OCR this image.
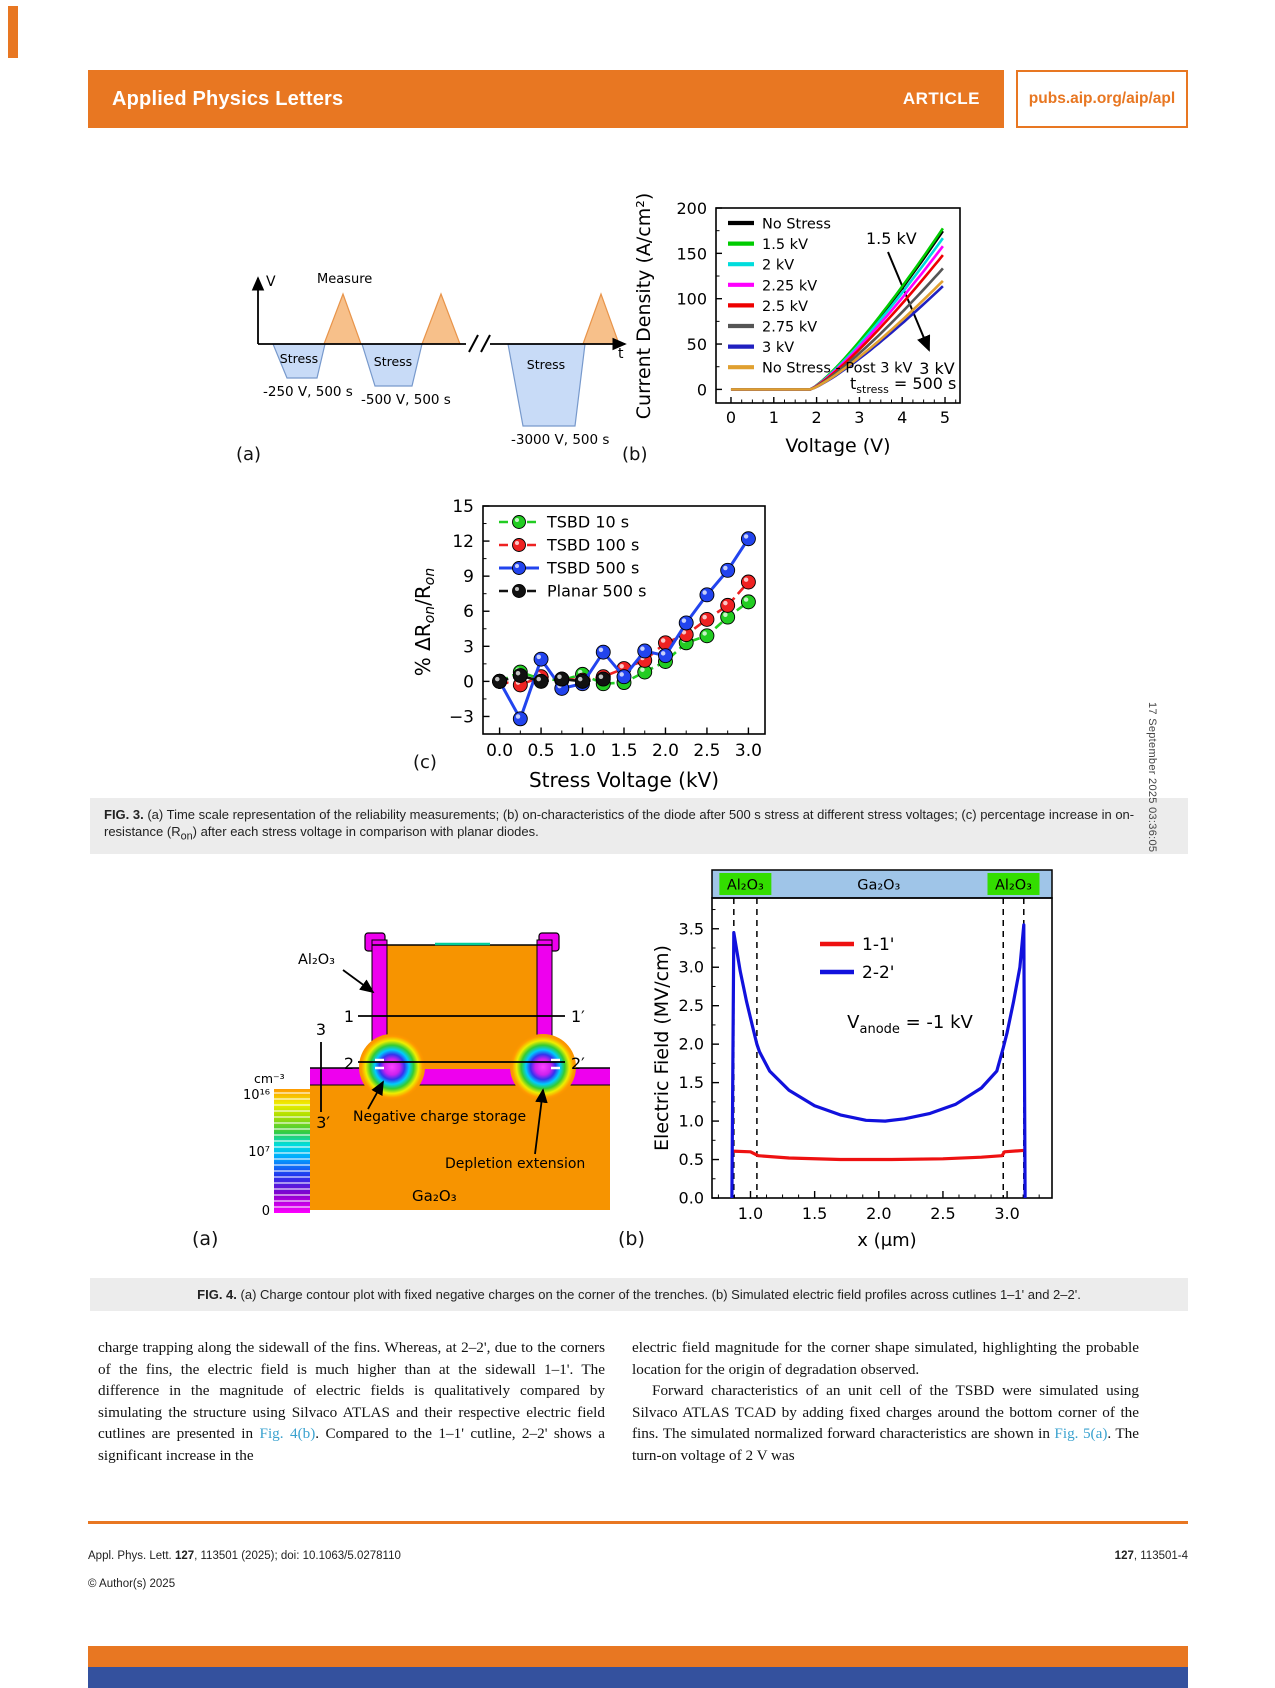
Applied Physics Letters	ARTICLE	pubs.aip.org/aip/apl
V
t
Measure
Stress	Stress	Stress
-250 V, 500 s -500 V, 500 s
-3000 V, 500 s
Current Density (A/cm²)
Voltage (V)
1.5 kV
3 kV
$t_{stress} = 500$ s
0 1 2 3 4 5
0
50
100
150
200
No Stress
1.5 kV
2 kV
2.25 kV
2.5 kV
2.75 kV
3 kV
No Stress - Post 3 kV
(b)
(a)
% $\Delta R_{on}/R_{on}$
Stress Voltage (kV)
0.0 0.5 1.0 1.5 2.0 2.5 3.0
−3
0
3
6
9
12
15
TSBD 10 s
TSBD 100 s
TSBD 500 s
Planar 500 s
(c)
FIG. 3. (a) Time scale representation of the reliability measurements; (b) on-characteristics of the diode after 500 s stress at different stress voltages; (c) percentage increase in on-resistance $(R_{on})$ after each stress voltage in comparison with planar diodes.
1	1′
2	2′
3
3′
Al₂O₃
Negative charge storage
Depletion extension
Ga₂O₃
cm⁻³
10¹⁶
10⁷
0
(a)
Electric Field (MV/cm)
x (μm)
$V_{anode} = -1$ kV
Al₂O₃	Ga₂O₃	Al₂O₃
1.0 1.5 2.0 2.5 3.0
0.0
0.5
1.0
1.5
2.0
2.5
3.0
3.5
1-1'
2-2'
(b)
FIG. 4. (a) Charge contour plot with fixed negative charges on the corner of the trenches. (b) Simulated electric field profiles across cutlines 1–1' and 2–2'.

charge trapping along the sidewall of the fins. Whereas, at 2–2', due to the corners of the fins, the electric field is much higher than at the sidewall 1–1'. The difference in the magnitude of electric fields is qualitatively compared by simulating the structure using Silvaco ATLAS and their respective electric field cutlines are presented in Fig. 4(b). Compared to the 1–1' cutline, 2–2' shows a significant increase in the

electric field magnitude for the corner shape simulated, highlighting the probable location for the origin of degradation observed.

Forward characteristics of an unit cell of the TSBD were simulated using Silvaco ATLAS TCAD by adding fixed charges around the bottom corner of the fins. The simulated normalized forward characteristics are shown in Fig. 5(a). The turn-on voltage of 2 V was

Appl. Phys. Lett. 127, 113501 (2025); doi: 10.1063/5.0278110	127, 113501-4
© Author(s) 2025
17 September 2025 03:36:05
